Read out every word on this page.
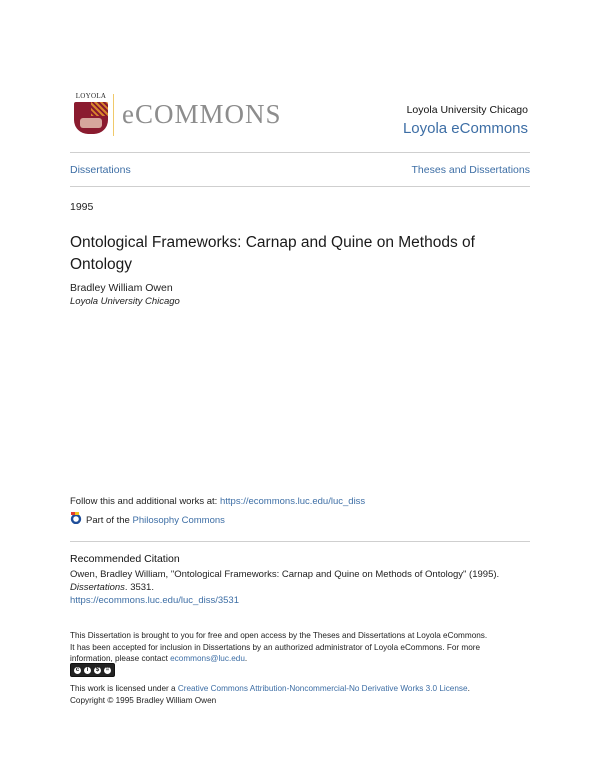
LOYOLA
eCOMMONS	Loyola University Chicago
Loyola eCommons
Dissertations	Theses and Dissertations
1995
Ontological Frameworks: Carnap and Quine on Methods of Ontology
Bradley William Owen
Loyola University Chicago
Follow this and additional works at: https://ecommons.luc.edu/luc_diss
Part of the Philosophy Commons
Recommended Citation
Owen, Bradley William, "Ontological Frameworks: Carnap and Quine on Methods of Ontology" (1995).
Dissertations. 3531.
https://ecommons.luc.edu/luc_diss/3531
This Dissertation is brought to you for free and open access by the Theses and Dissertations at Loyola eCommons.
It has been accepted for inclusion in Dissertations by an authorized administrator of Loyola eCommons. For more
information, please contact ecommons@luc.edu.
c	i	$	=
This work is licensed under a Creative Commons Attribution-Noncommercial-No Derivative Works 3.0 License.
Copyright © 1995 Bradley William Owen
